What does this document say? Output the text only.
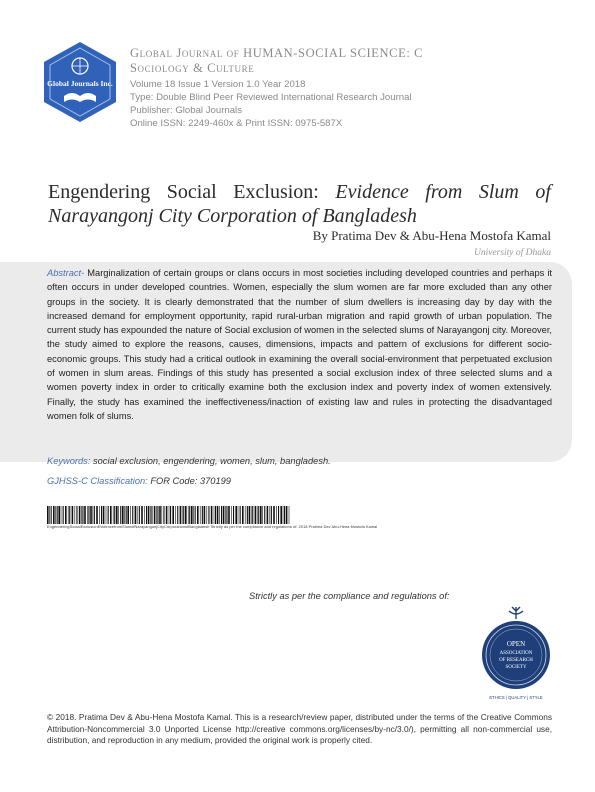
Global Journals Inc.
Global Journal of HUMAN-SOCIAL SCIENCE: C
Sociology & Culture
Volume 18 Issue 1 Version 1.0 Year 2018
Type: Double Blind Peer Reviewed International Research Journal
Publisher: Global Journals
Online ISSN: 2249-460x & Print ISSN: 0975-587X
Engendering Social Exclusion: Evidence from Slum of
Narayangonj City Corporation of Bangladesh
By Pratima Dev & Abu-Hena Mostofa Kamal
University of Dhaka
Abstract- Marginalization of certain groups or clans occurs in most societies including developed countries and perhaps it often occurs in under developed countries. Women, especially the slum women are far more excluded than any other groups in the society. It is clearly demonstrated that the number of slum dwellers is increasing day by day with the increased demand for employment opportunity, rapid rural-urban migration and rapid growth of urban population. The current study has expounded the nature of Social exclusion of women in the selected slums of Narayangonj city. Moreover, the study aimed to explore the reasons, causes, dimensions, impacts and pattern of exclusions for different socio-economic groups. This study had a critical outlook in examining the overall social-environment that perpetuated exclusion of women in slum areas. Findings of this study has presented a social exclusion index of three selected slums and a women poverty index in order to critically examine both the exclusion index and poverty index of women extensively. Finally, the study has examined the ineffectiveness/inaction of existing law and rules in protecting the disadvantaged women folk of slums.
Keywords: social exclusion, engendering, women, slum, bangladesh.
GJHSS-C Classification: FOR Code: 370199
EngenderingSocialExclusionEvidencefromSlumofNarayangonjCityCorporationofBangladesh Strictly as per the compliance and regulations of: 2018 Pratima Dev Abu-Hena Mostofa Kamal
Strictly as per the compliance and regulations of:
OPEN
ASSOCIATION
OF RESEARCH
SOCIETY
ETHICS | QUALITY | STYLE
© 2018. Pratima Dev & Abu-Hena Mostofa Kamal. This is a research/review paper, distributed under the terms of the Creative Commons Attribution-Noncommercial 3.0 Unported License http://creative commons.org/licenses/by-nc/3.0/), permitting all non-commercial use, distribution, and reproduction in any medium, provided the original work is properly cited.
